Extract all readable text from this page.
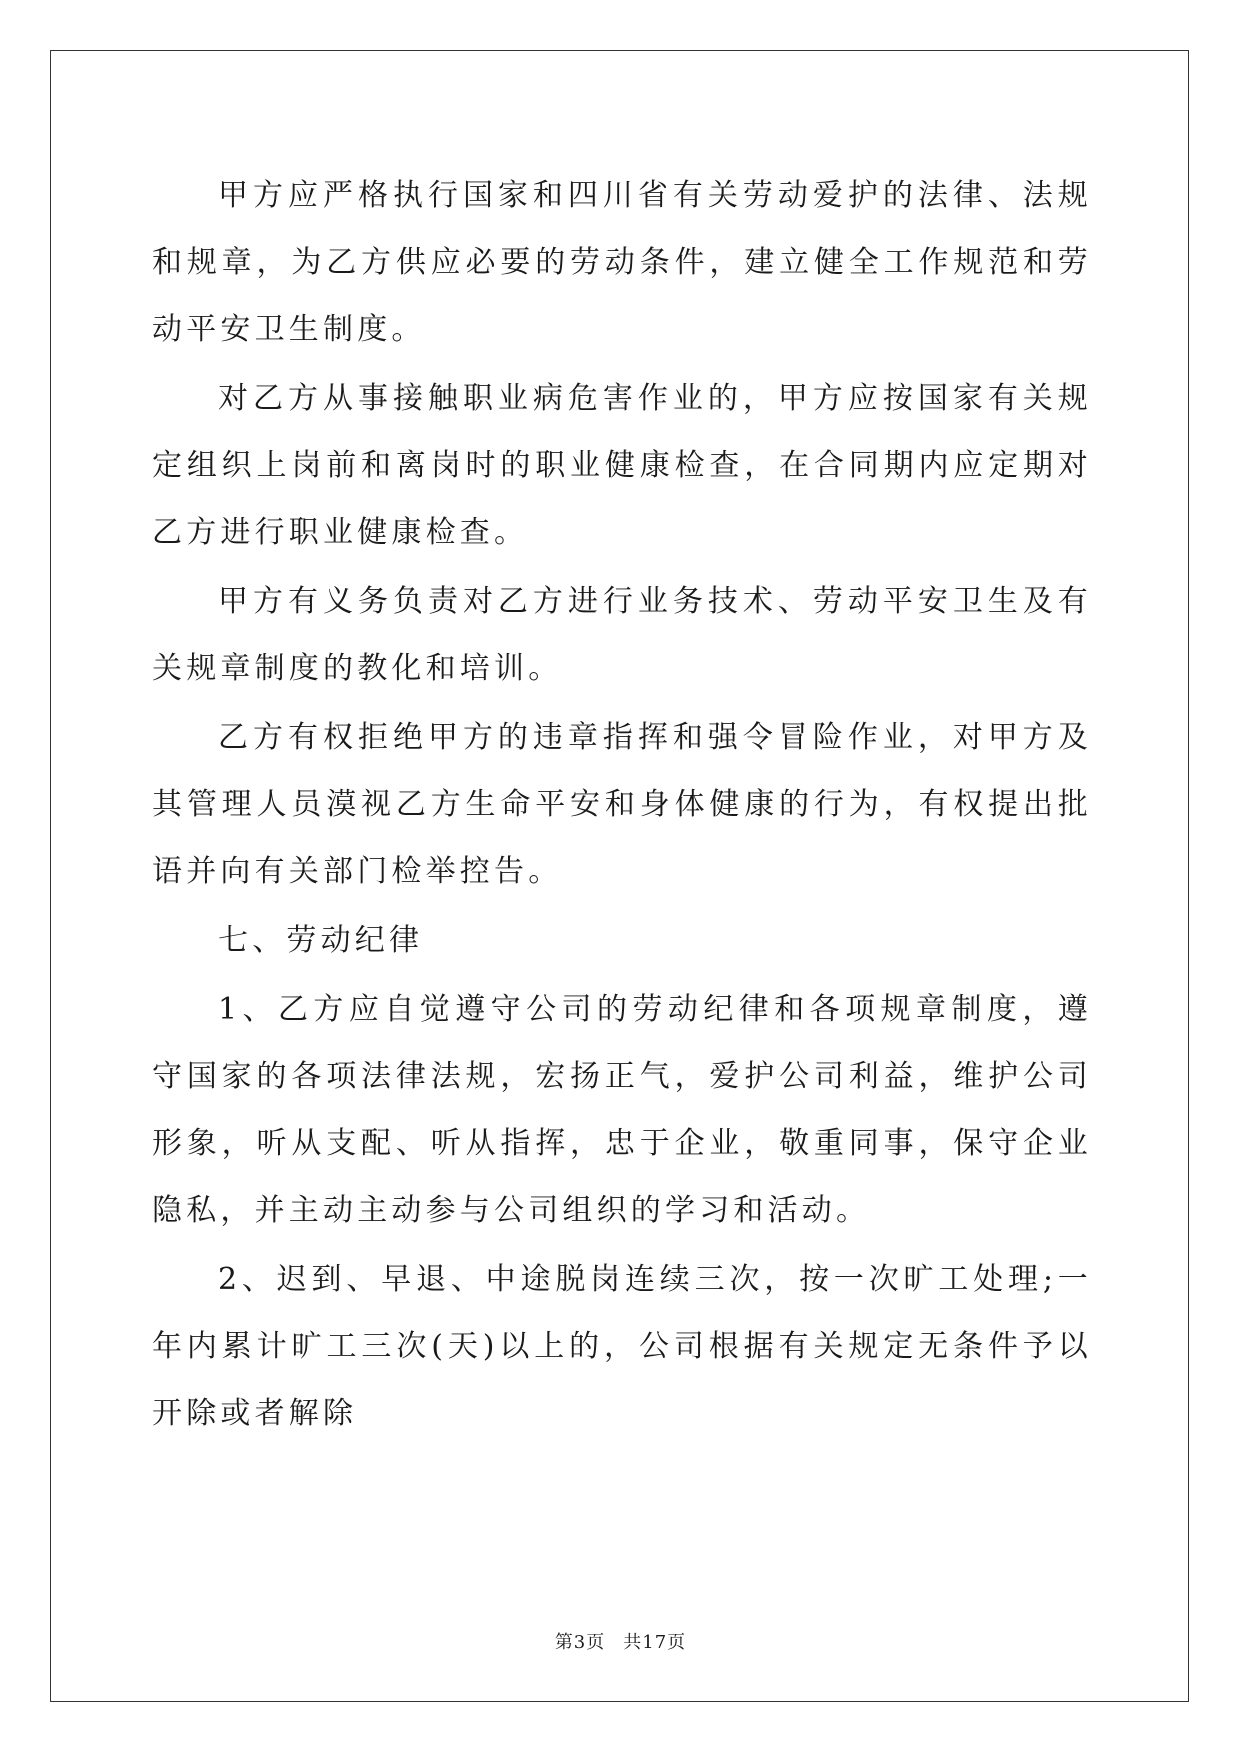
甲方应严格执行国家和四川省有关劳动爱护的法律、法规和规章，为乙方供应必要的劳动条件，建立健全工作规范和劳动平安卫生制度。

对乙方从事接触职业病危害作业的，甲方应按国家有关规定组织上岗前和离岗时的职业健康检查，在合同期内应定期对乙方进行职业健康检查。

甲方有义务负责对乙方进行业务技术、劳动平安卫生及有关规章制度的教化和培训。

乙方有权拒绝甲方的违章指挥和强令冒险作业，对甲方及其管理人员漠视乙方生命平安和身体健康的行为，有权提出批语并向有关部门检举控告。

七、劳动纪律

1、乙方应自觉遵守公司的劳动纪律和各项规章制度，遵守国家的各项法律法规，宏扬正气，爱护公司利益，维护公司形象，听从支配、听从指挥，忠于企业，敬重同事，保守企业隐私，并主动主动参与公司组织的学习和活动。

2、迟到、早退、中途脱岗连续三次，按一次旷工处理;一年内累计旷工三次(天)以上的，公司根据有关规定无条件予以开除或者解除

第3页 共17页
